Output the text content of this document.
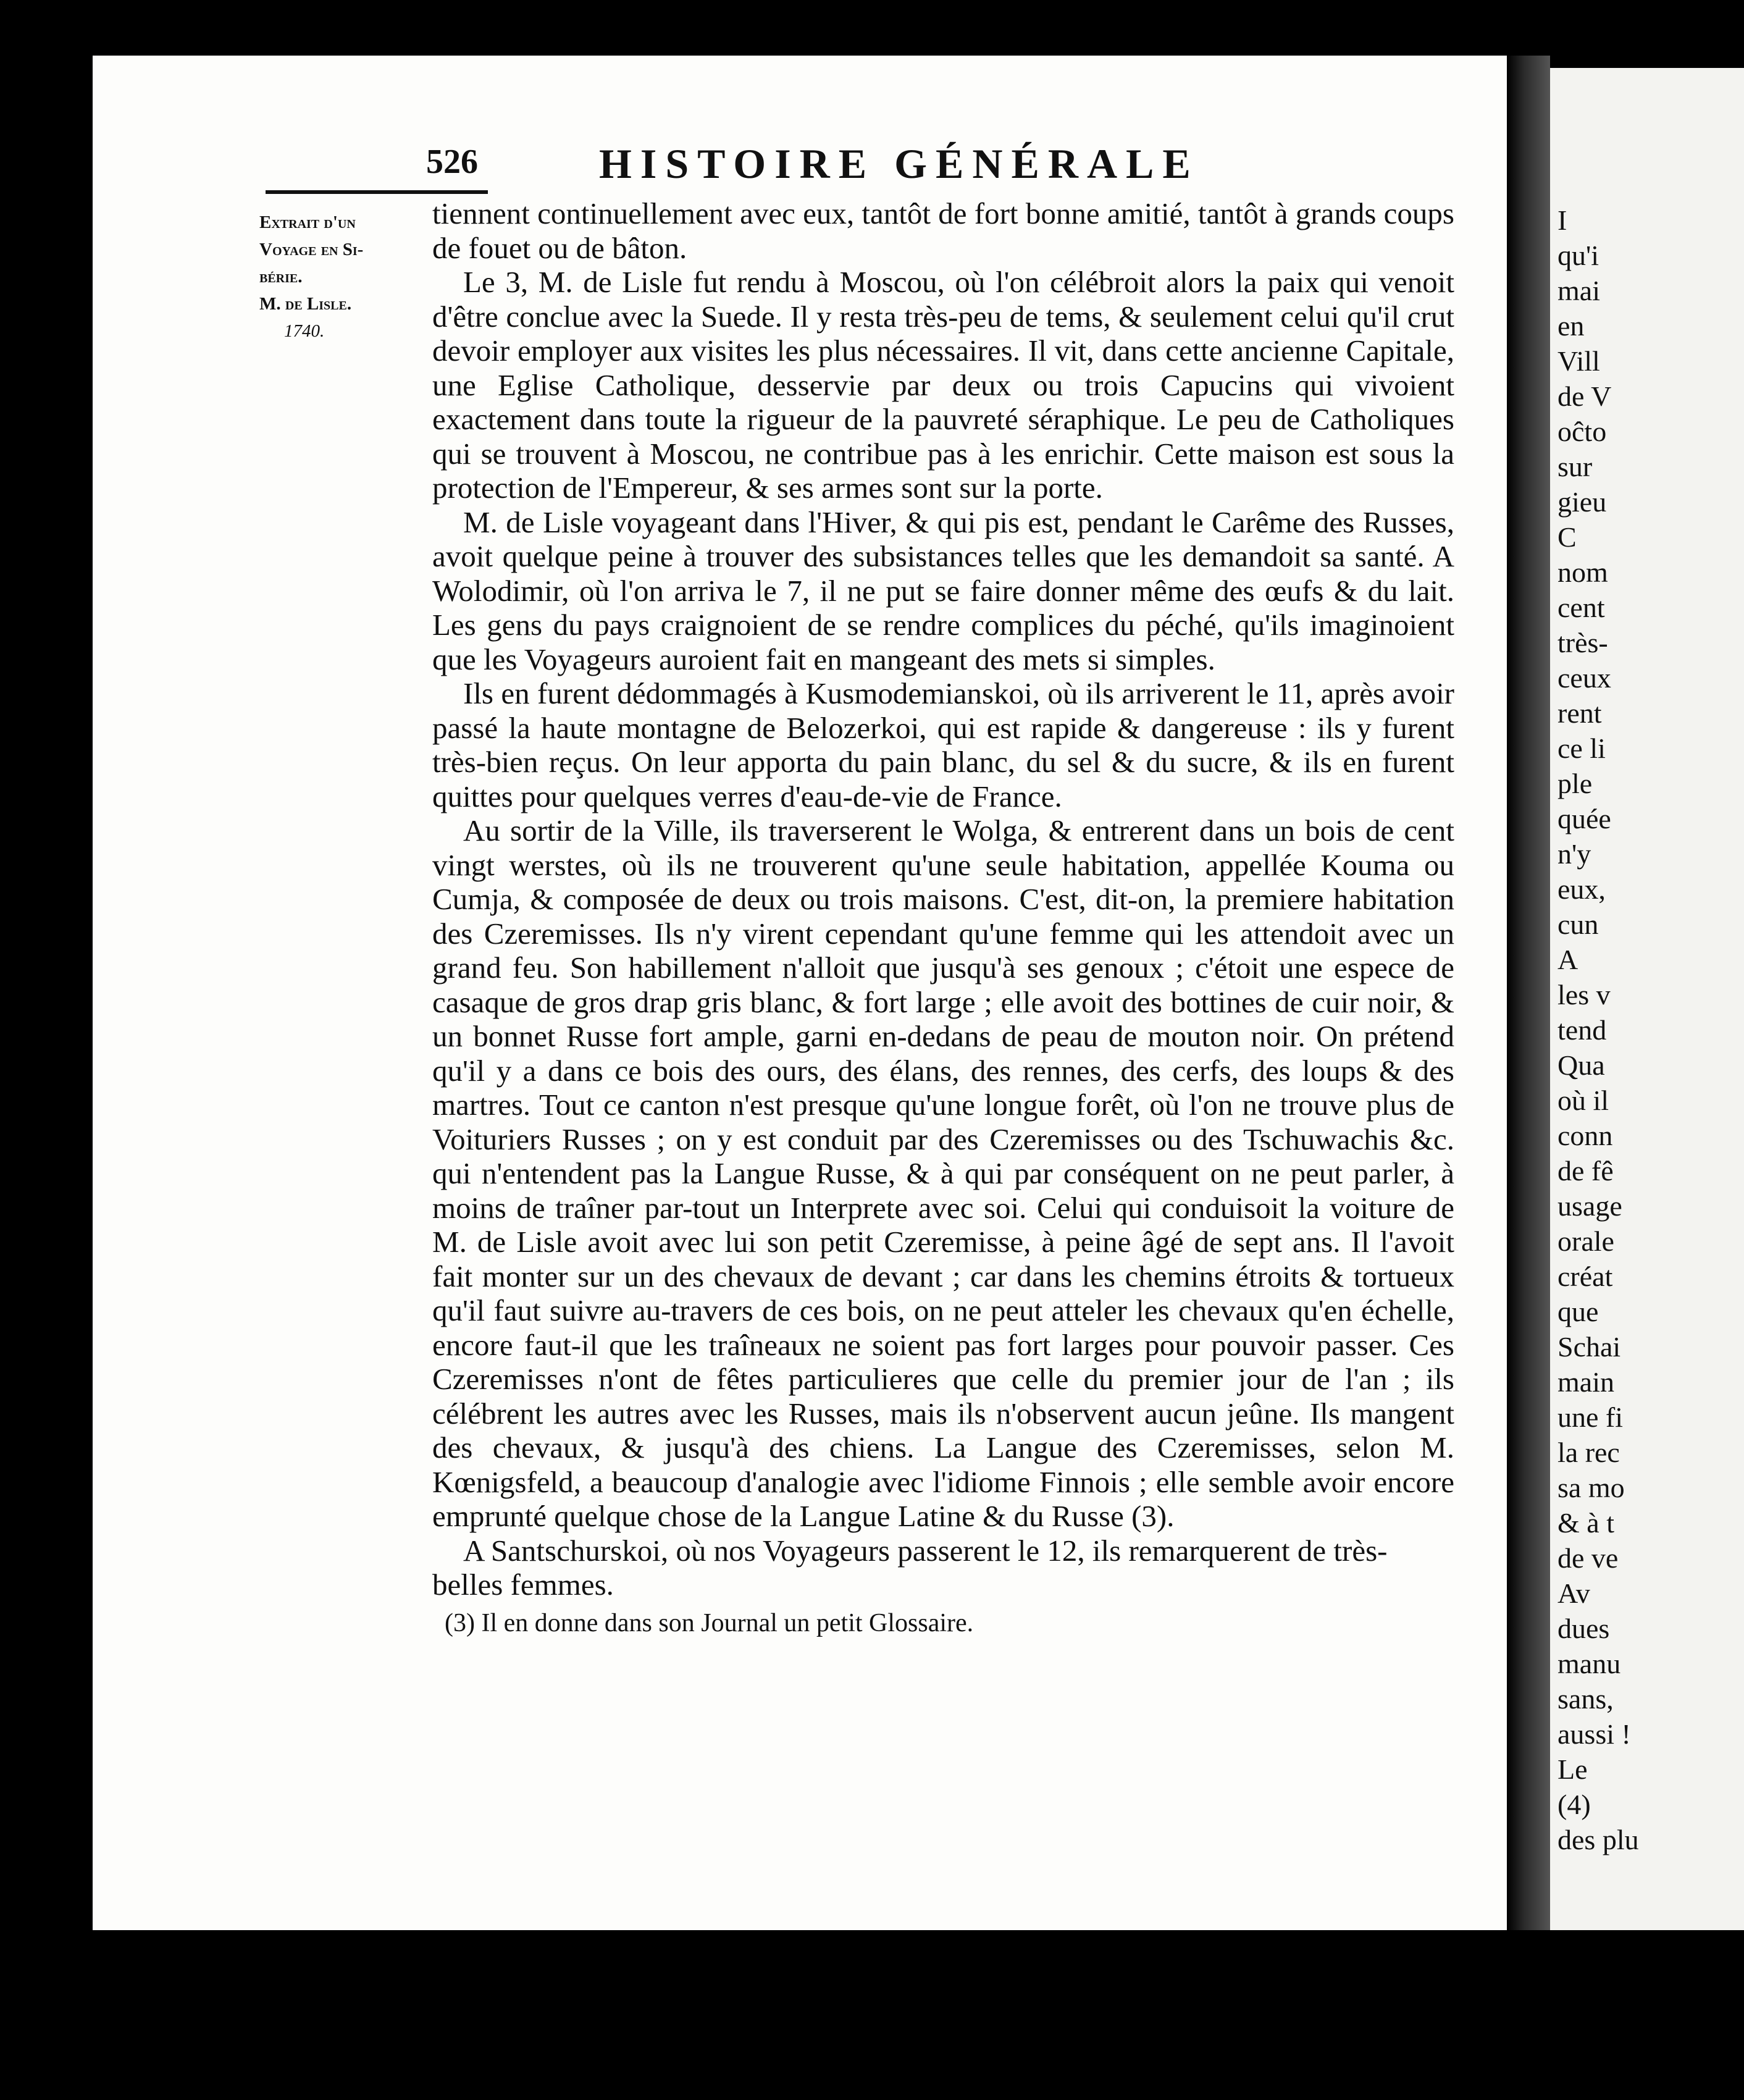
526	HISTOIRE GÉNÉRALE
Extrait d'un
Voyage en Si-
bérie.
M. de Lisle.
1740.

tiennent continuellement avec eux, tantôt de fort bonne amitié, tantôt à grands coups de fouet ou de bâton.

Le 3, M. de Lisle fut rendu à Moscou, où l'on célébroit alors la paix qui venoit d'être conclue avec la Suede. Il y resta très-peu de tems, & seulement celui qu'il crut devoir employer aux visites les plus nécessaires. Il vit, dans cette ancienne Capitale, une Eglise Catholique, desservie par deux ou trois Capucins qui vivoient exactement dans toute la rigueur de la pauvreté séraphique. Le peu de Catholiques qui se trouvent à Moscou, ne contribue pas à les enrichir. Cette maison est sous la protection de l'Empereur, & ses armes sont sur la porte.

M. de Lisle voyageant dans l'Hiver, & qui pis est, pendant le Carême des Russes, avoit quelque peine à trouver des subsistances telles que les demandoit sa santé. A Wolodimir, où l'on arriva le 7, il ne put se faire donner même des œufs & du lait. Les gens du pays craignoient de se rendre complices du péché, qu'ils imaginoient que les Voyageurs auroient fait en mangeant des mets si simples.

Ils en furent dédommagés à Kusmodemianskoi, où ils arriverent le 11, après avoir passé la haute montagne de Belozerkoi, qui est rapide & dangereuse : ils y furent très-bien reçus. On leur apporta du pain blanc, du sel & du sucre, & ils en furent quittes pour quelques verres d'eau-de-vie de France.

Au sortir de la Ville, ils traverserent le Wolga, & entrerent dans un bois de cent vingt werstes, où ils ne trouverent qu'une seule habitation, appellée Kouma ou Cumja, & composée de deux ou trois maisons. C'est, dit-on, la premiere habitation des Czeremisses. Ils n'y virent cependant qu'une femme qui les attendoit avec un grand feu. Son habillement n'alloit que jusqu'à ses genoux ; c'étoit une espece de casaque de gros drap gris blanc, & fort large ; elle avoit des bottines de cuir noir, & un bonnet Russe fort ample, garni en-dedans de peau de mouton noir. On prétend qu'il y a dans ce bois des ours, des élans, des rennes, des cerfs, des loups & des martres. Tout ce canton n'est presque qu'une longue forêt, où l'on ne trouve plus de Voituriers Russes ; on y est conduit par des Czeremisses ou des Tschuwachis &c. qui n'entendent pas la Langue Russe, & à qui par conséquent on ne peut parler, à moins de traîner par-tout un Interprete avec soi. Celui qui conduisoit la voiture de M. de Lisle avoit avec lui son petit Czeremisse, à peine âgé de sept ans. Il l'avoit fait monter sur un des chevaux de devant ; car dans les chemins étroits & tortueux qu'il faut suivre au-travers de ces bois, on ne peut atteler les chevaux qu'en échelle, encore faut-il que les traîneaux ne soient pas fort larges pour pouvoir passer. Ces Czeremisses n'ont de fêtes particulieres que celle du premier jour de l'an ; ils célébrent les autres avec les Russes, mais ils n'observent aucun jeûne. Ils mangent des chevaux, & jusqu'à des chiens. La Langue des Czeremisses, selon M. Kœnigsfeld, a beaucoup d'analogie avec l'idiome Finnois ; elle semble avoir encore emprunté quelque chose de la Langue Latine & du Russe (3).

A Santschurskoi, où nos Voyageurs passerent le 12, ils remarquerent de très-belles femmes.

(3) Il en donne dans son Journal un petit Glossaire.
I
qu'i
mai
en
Vill
de V
oĉto
sur
gieu
C
nom
cent
très-
ceux
rent
ce li
ple
quée
n'y
eux,
cun
A
les v
tend
Qua
où il
conn
de fê
usage
orale
créat
que
Schai
main
une fi
la rec
sa mo
& à t
de ve
Av
dues
manu
sans,
aussi !
Le
(4)
des plu
